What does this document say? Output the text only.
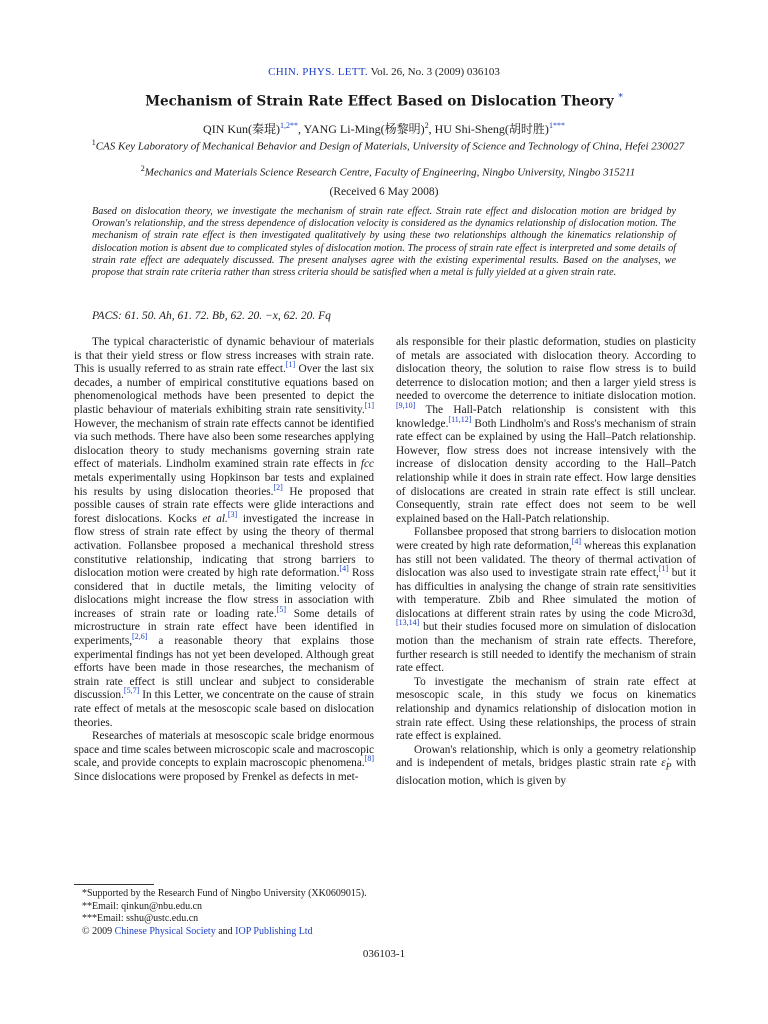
CHIN. PHYS. LETT. Vol. 26, No. 3 (2009) 036103
Mechanism of Strain Rate Effect Based on Dislocation Theory *
QIN Kun(秦琨)$^{1,2**}$, YANG Li-Ming(杨黎明)$^2$, HU Shi-Sheng(胡时胜)$^{1***}$
$^1$CAS Key Laboratory of Mechanical Behavior and Design of Materials, University of Science and Technology of China, Hefei 230027
$^2$Mechanics and Materials Science Research Centre, Faculty of Engineering, Ningbo University, Ningbo 315211
(Received 6 May 2008)
Based on dislocation theory, we investigate the mechanism of strain rate effect. Strain rate effect and dislocation motion are bridged by Orowan's relationship, and the stress dependence of dislocation velocity is considered as the dynamics relationship of dislocation motion. The mechanism of strain rate effect is then investigated qualitatively by using these two relationships although the kinematics relationship of dislocation motion is absent due to complicated styles of dislocation motion. The process of strain rate effect is interpreted and some details of strain rate effect are adequately discussed. The present analyses agree with the existing experimental results. Based on the analyses, we propose that strain rate criteria rather than stress criteria should be satisfied when a metal is fully yielded at a given strain rate.
PACS: 61. 50. Ah, 61. 72. Bb, 62. 20. −x, 62. 20. Fq

The typical characteristic of dynamic behaviour of materials is that their yield stress or flow stress increases with strain rate. This is usually referred to as strain rate effect.[1] Over the last six decades, a number of empirical constitutive equations based on phenomenological methods have been presented to depict the plastic behaviour of materials exhibiting strain rate sensitivity.[1] However, the mechanism of strain rate effects cannot be identified via such methods. There have also been some researches applying dislocation theory to study mechanisms governing strain rate effect of materials. Lindholm examined strain rate effects in fcc metals experimentally using Hopkinson bar tests and explained his results by using dislocation theories.[2] He proposed that possible causes of strain rate effects were glide interactions and forest dislocations. Kocks et al.[3] investigated the increase in flow stress of strain rate effect by using the theory of thermal activation. Follansbee proposed a mechanical threshold stress constitutive relationship, indicating that strong barriers to dislocation motion were created by high rate deformation.[4] Ross considered that in ductile metals, the limiting velocity of dislocations might increase the flow stress in association with increases of strain rate or loading rate.[5] Some details of microstructure in strain rate effect have been identified in experiments,[2,6] a reasonable theory that explains those experimental findings has not yet been developed. Although great efforts have been made in those researches, the mechanism of strain rate effect is still unclear and subject to considerable discussion.[5,7] In this Letter, we concentrate on the cause of strain rate effect of metals at the mesoscopic scale based on dislocation theories.

Researches of materials at mesoscopic scale bridge enormous space and time scales between microscopic scale and macroscopic scale, and provide concepts to explain macroscopic phenomena.[8] Since dislocations were proposed by Frenkel as defects in met-

als responsible for their plastic deformation, studies on plasticity of metals are associated with dislocation theory. According to dislocation theory, the solution to raise flow stress is to build deterrence to dislocation motion; and then a larger yield stress is needed to overcome the deterrence to initiate dislocation motion.[9,10] The Hall-Patch relationship is consistent with this knowledge.[11,12] Both Lindholm's and Ross's mechanism of strain rate effect can be explained by using the Hall–Patch relationship. However, flow stress does not increase intensively with the increase of dislocation density according to the Hall–Patch relationship while it does in strain rate effect. How large densities of dislocations are created in strain rate effect is still unclear. Consequently, strain rate effect does not seem to be well explained based on the Hall-Patch relationship.

Follansbee proposed that strong barriers to dislocation motion were created by high rate deformation,[4] whereas this explanation has still not been validated. The theory of thermal activation of dislocation was also used to investigate strain rate effect,[1] but it has difficulties in analysing the change of strain rate sensitivities with temperature. Zbib and Rhee simulated the motion of dislocations at different strain rates by using the code Micro3d,[13,14] but their studies focused more on simulation of dislocation motion than the mechanism of strain rate effects. Therefore, further research is still needed to identify the mechanism of strain rate effect.

To investigate the mechanism of strain rate effect at mesoscopic scale, in this study we focus on kinematics relationship and dynamics relationship of dislocation motion in strain rate effect. Using these relationships, the process of strain rate effect is explained.

Orowan's relationship, which is only a geometry relationship and is independent of metals, bridges plastic strain rate $\varepsiloṅ_P$ with dislocation motion, which is given by

*Supported by the Research Fund of Ningbo University (XK0609015).
**Email: qinkun@nbu.edu.cn
***Email: sshu@ustc.edu.cn
© 2009 Chinese Physical Society and IOP Publishing Ltd
036103-1
